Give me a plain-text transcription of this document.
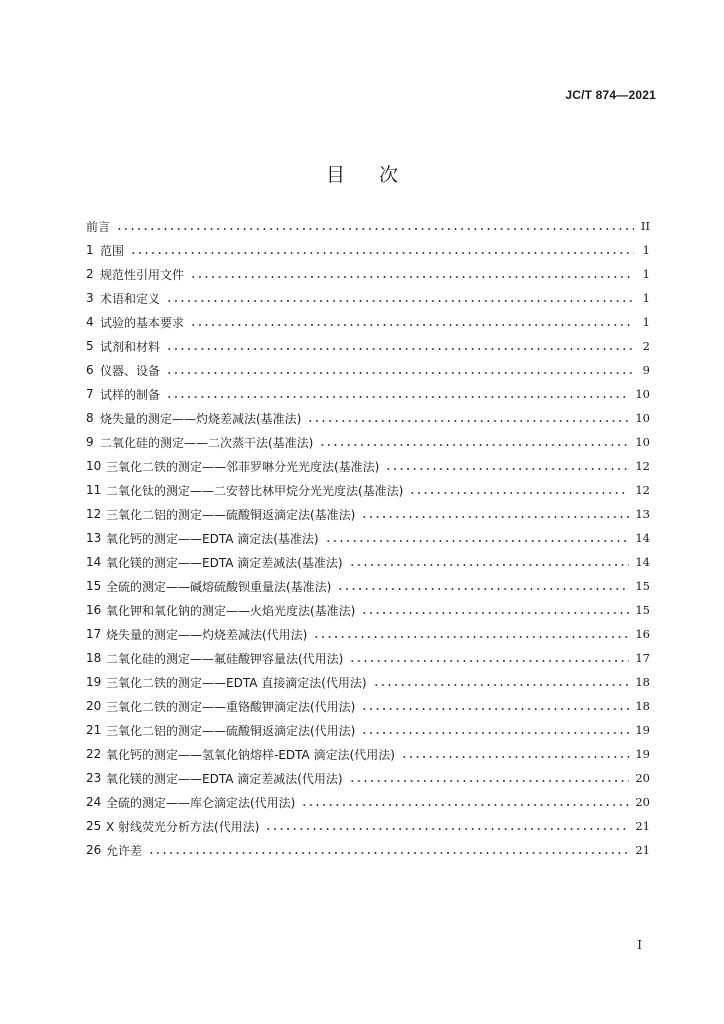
JC/T 874—2021
目次
前言	II
1 范围	1
2 规范性引用文件	1
3 术语和定义	1
4 试验的基本要求	1
5 试剂和材料	2
6 仪器、设备	9
7 试样的制备	10
8 烧失量的测定——灼烧差减法(基准法)	10
9 二氧化硅的测定——二次蒸干法(基准法)	10
10 三氧化二铁的测定——邻菲罗啉分光光度法(基准法)	12
11 二氧化钛的测定——二安替比林甲烷分光光度法(基准法)	12
12 三氧化二铝的测定——硫酸铜返滴定法(基准法)	13
13 氧化钙的测定——EDTA 滴定法(基准法)	14
14 氧化镁的测定——EDTA 滴定差减法(基准法)	14
15 全硫的测定——碱熔硫酸钡重量法(基准法)	15
16 氧化钾和氧化钠的测定——火焰光度法(基准法)	15
17 烧失量的测定——灼烧差减法(代用法)	16
18 二氧化硅的测定——氟硅酸钾容量法(代用法)	17
19 三氧化二铁的测定——EDTA 直接滴定法(代用法)	18
20 三氧化二铁的测定——重铬酸钾滴定法(代用法)	18
21 三氧化二铝的测定——硫酸铜返滴定法(代用法)	19
22 氧化钙的测定——氢氧化钠熔样-EDTA 滴定法(代用法)	19
23 氧化镁的测定——EDTA 滴定差减法(代用法)	20
24 全硫的测定——库仑滴定法(代用法)	20
25 X 射线荧光分析方法(代用法)	21
26 允许差	21
I
